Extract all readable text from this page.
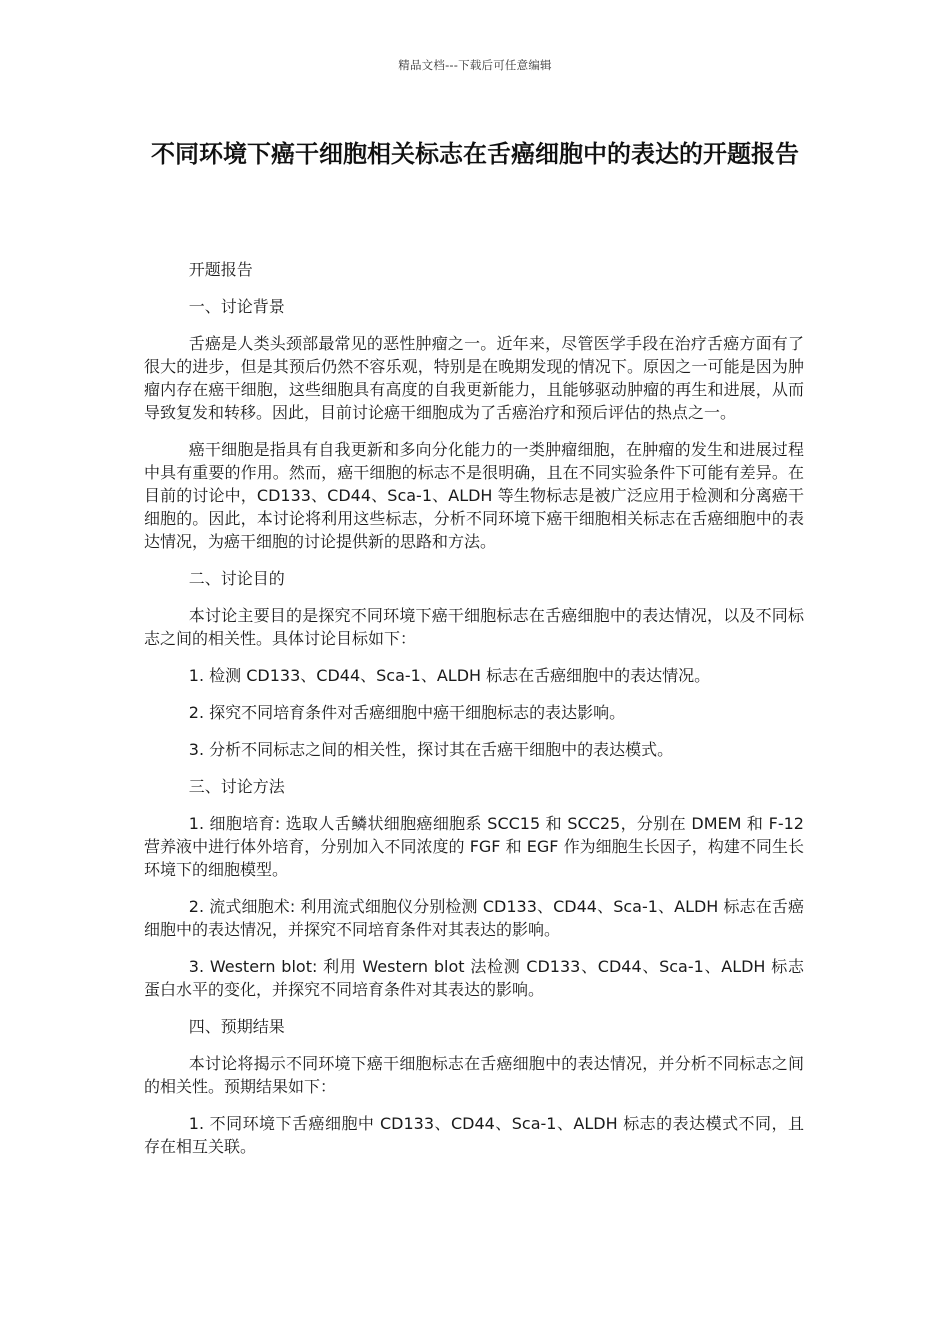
精品文档---下载后可任意编辑
不同环境下癌干细胞相关标志在舌癌细胞中的表达的开题报告

开题报告

一、讨论背景

舌癌是人类头颈部最常见的恶性肿瘤之一。近年来，尽管医学手段在治疗舌癌方面有了很大的进步，但是其预后仍然不容乐观，特别是在晚期发现的情况下。原因之一可能是因为肿瘤内存在癌干细胞，这些细胞具有高度的自我更新能力，且能够驱动肿瘤的再生和进展，从而导致复发和转移。因此，目前讨论癌干细胞成为了舌癌治疗和预后评估的热点之一。

癌干细胞是指具有自我更新和多向分化能力的一类肿瘤细胞，在肿瘤的发生和进展过程中具有重要的作用。然而，癌干细胞的标志不是很明确，且在不同实验条件下可能有差异。在目前的讨论中，CD133、CD44、Sca-1、ALDH 等生物标志是被广泛应用于检测和分离癌干细胞的。因此，本讨论将利用这些标志，分析不同环境下癌干细胞相关标志在舌癌细胞中的表达情况，为癌干细胞的讨论提供新的思路和方法。

二、讨论目的

本讨论主要目的是探究不同环境下癌干细胞标志在舌癌细胞中的表达情况，以及不同标志之间的相关性。具体讨论目标如下：

1. 检测 CD133、CD44、Sca-1、ALDH 标志在舌癌细胞中的表达情况。

2. 探究不同培育条件对舌癌细胞中癌干细胞标志的表达影响。

3. 分析不同标志之间的相关性，探讨其在舌癌干细胞中的表达模式。

三、讨论方法

1. 细胞培育: 选取人舌鳞状细胞癌细胞系 SCC15 和 SCC25，分别在 DMEM 和 F-12 营养液中进行体外培育，分别加入不同浓度的 FGF 和 EGF 作为细胞生长因子，构建不同生长环境下的细胞模型。

2. 流式细胞术: 利用流式细胞仪分别检测 CD133、CD44、Sca-1、ALDH 标志在舌癌细胞中的表达情况，并探究不同培育条件对其表达的影响。

3. Western blot: 利用 Western blot 法检测 CD133、CD44、Sca-1、ALDH 标志蛋白水平的变化，并探究不同培育条件对其表达的影响。

四、预期结果

本讨论将揭示不同环境下癌干细胞标志在舌癌细胞中的表达情况，并分析不同标志之间的相关性。预期结果如下：

1. 不同环境下舌癌细胞中 CD133、CD44、Sca-1、ALDH 标志的表达模式不同，且存在相互关联。
